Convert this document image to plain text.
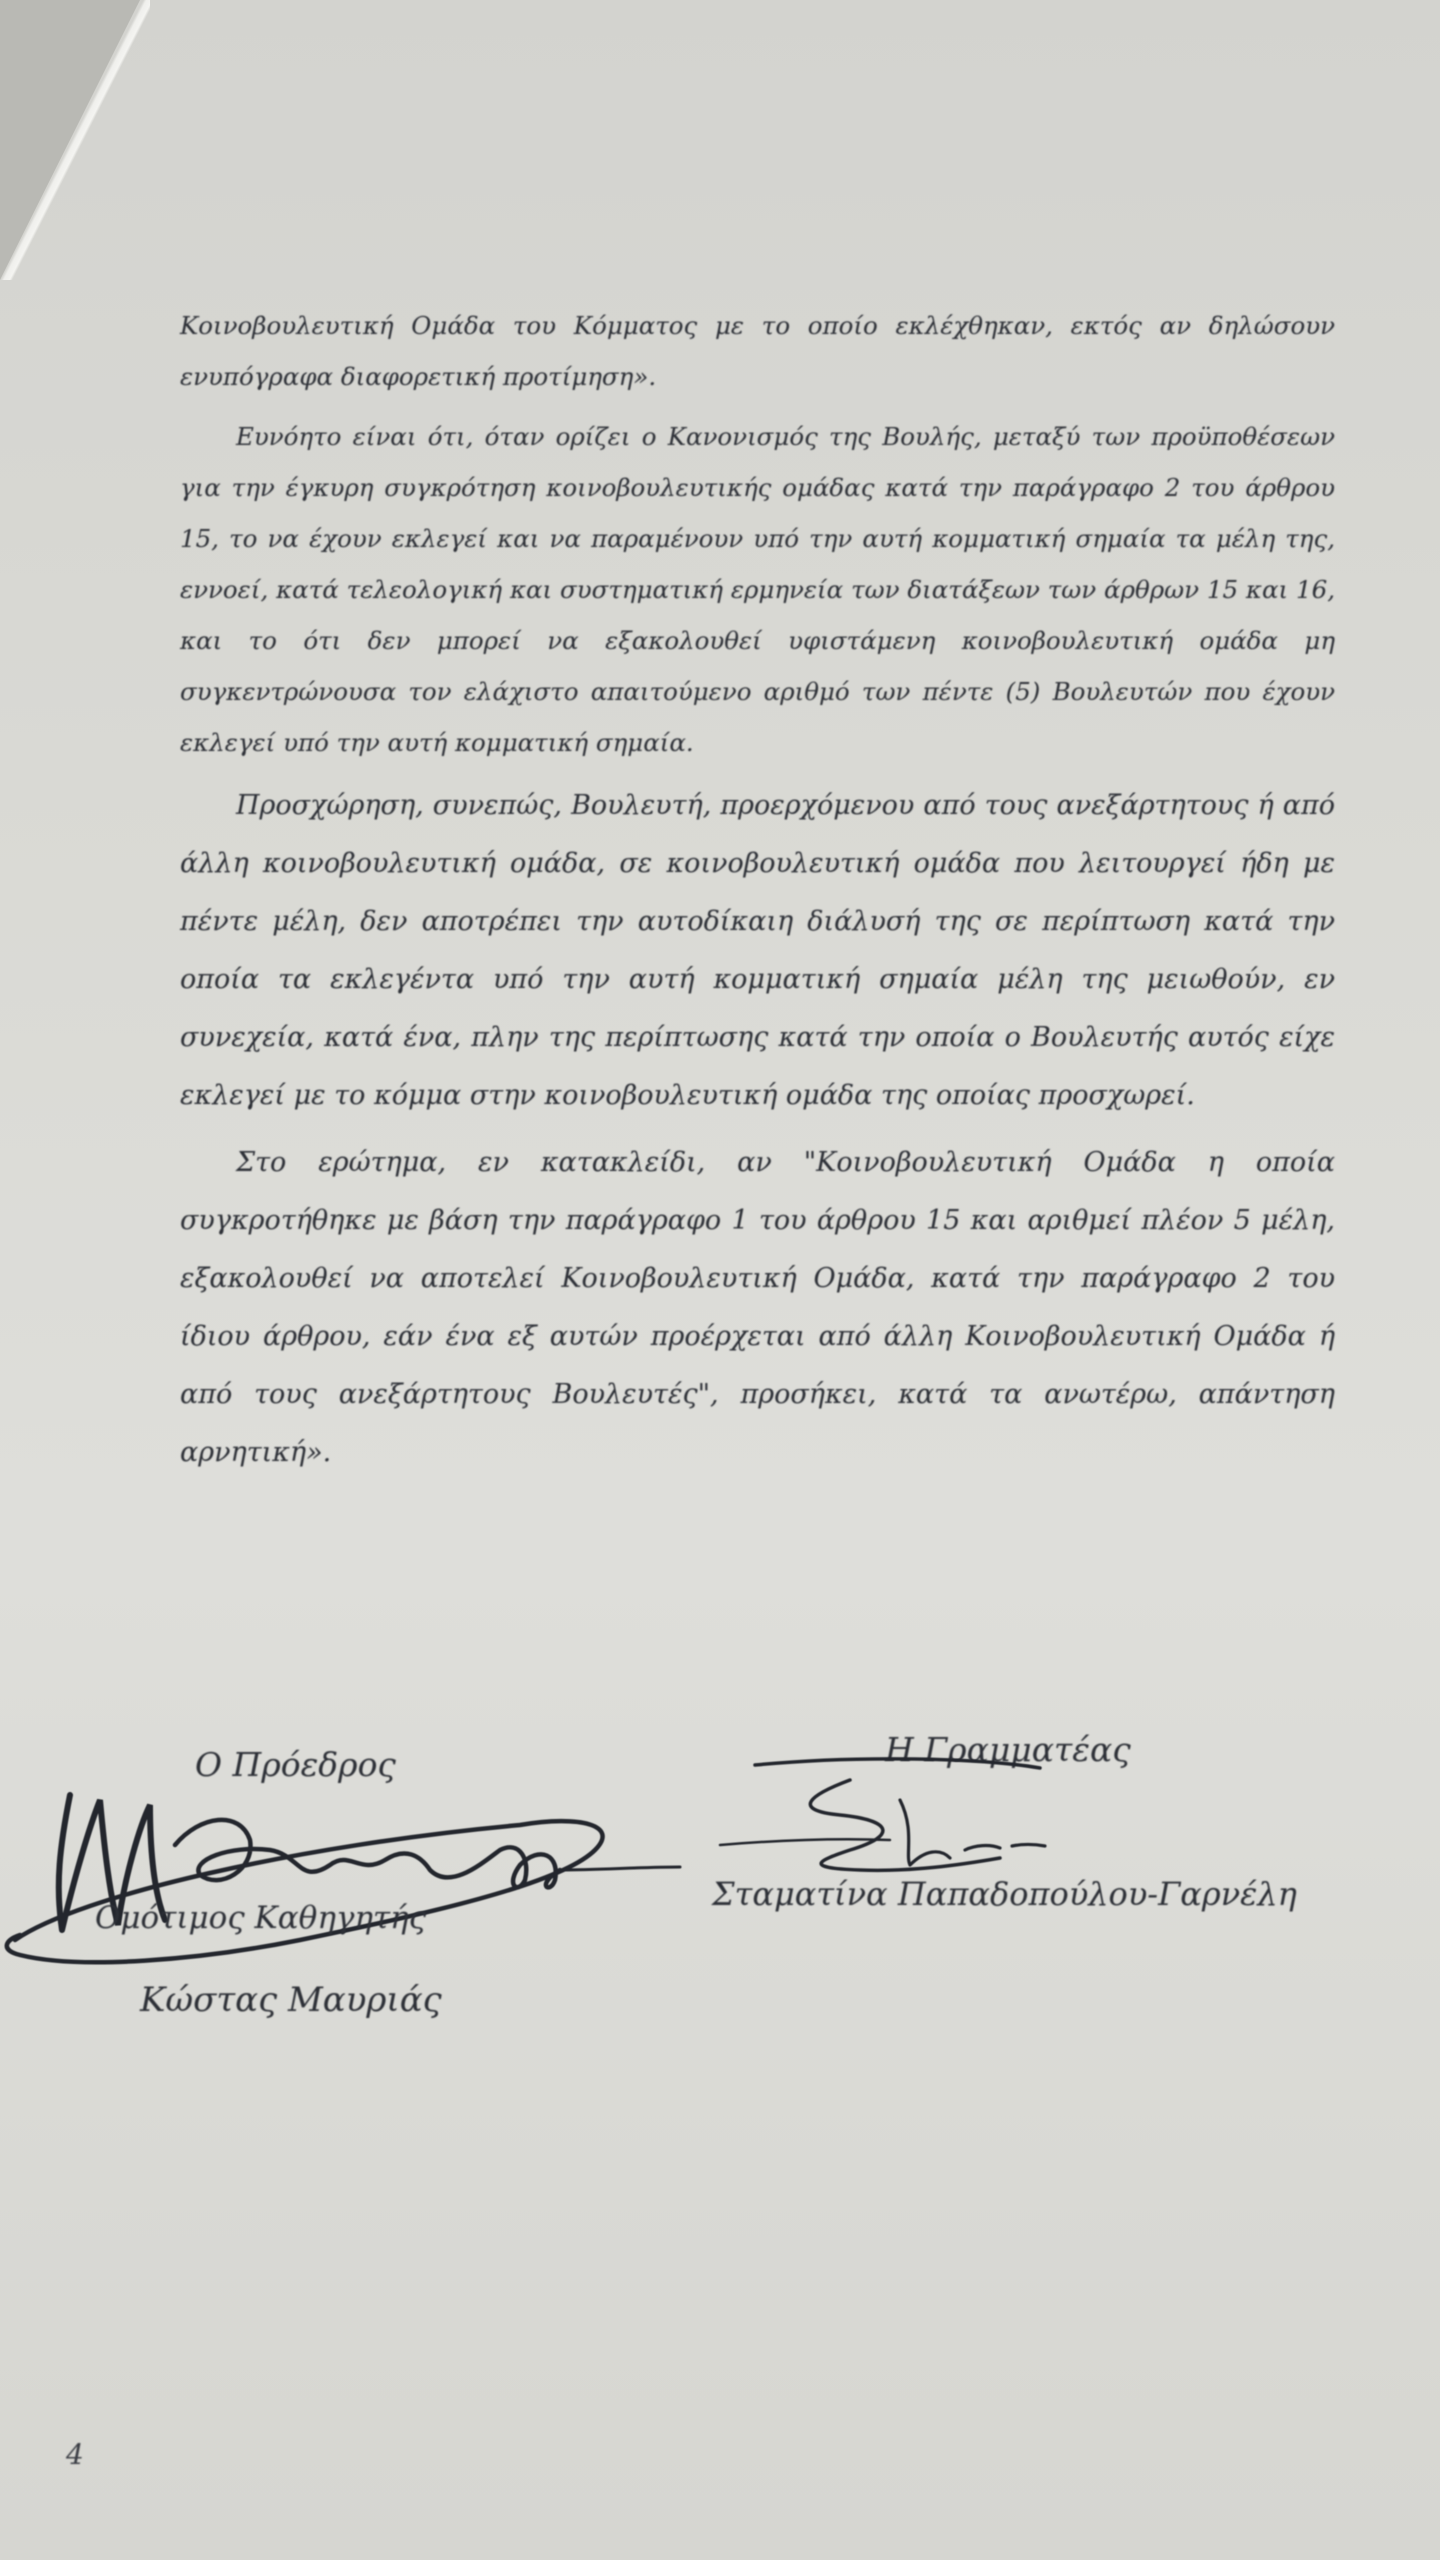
Κοινοβουλευτική Ομάδα του Κόμματος με το οποίο εκλέχθηκαν, εκτός αν δηλώσουν ενυπόγραφα διαφορετική προτίμηση».

Ευνόητο είναι ότι, όταν ορίζει ο Κανονισμός της Βουλής, μεταξύ των προϋποθέσεων για την έγκυρη συγκρότηση κοινοβουλευτικής ομάδας κατά την παράγραφο 2 του άρθρου 15, το να έχουν εκλεγεί και να παραμένουν υπό την αυτή κομματική σημαία τα μέλη της, εννοεί, κατά τελεολογική και συστηματική ερμηνεία των διατάξεων των άρθρων 15 και 16, και το ότι δεν μπορεί να εξακολουθεί υφιστάμενη κοινοβουλευτική ομάδα μη συγκεντρώνουσα τον ελάχιστο απαιτούμενο αριθμό των πέντε (5) Βουλευτών που έχουν εκλεγεί υπό την αυτή κομματική σημαία.

Προσχώρηση, συνεπώς, Βουλευτή, προερχόμενου από τους ανεξάρτητους ή από άλλη κοινοβουλευτική ομάδα, σε κοινοβουλευτική ομάδα που λειτουργεί ήδη με πέντε μέλη, δεν αποτρέπει την αυτοδίκαιη διάλυσή της σε περίπτωση κατά την οποία τα εκλεγέντα υπό την αυτή κομματική σημαία μέλη της μειωθούν, εν συνεχεία, κατά ένα, πλην της περίπτωσης κατά την οποία ο Βουλευτής αυτός είχε εκλεγεί με το κόμμα στην κοινοβουλευτική ομάδα της οποίας προσχωρεί.

Στο ερώτημα, εν κατακλείδι, αν "Κοινοβουλευτική Ομάδα η οποία συγκροτήθηκε με βάση την παράγραφο 1 του άρθρου 15 και αριθμεί πλέον 5 μέλη, εξακολουθεί να αποτελεί Κοινοβουλευτική Ομάδα, κατά την παράγραφο 2 του ίδιου άρθρου, εάν ένα εξ αυτών προέρχεται από άλλη Κοινοβουλευτική Ομάδα ή από τους ανεξάρτητους Βουλευτές", προσήκει, κατά τα ανωτέρω, απάντηση αρνητική».

Ο Πρόεδρος
Ομότιμος Καθηγητής
Κώστας Μαυριάς
Η Γραμματέας
Σταματίνα Παπαδοπούλου-Γαρνέλη
4
